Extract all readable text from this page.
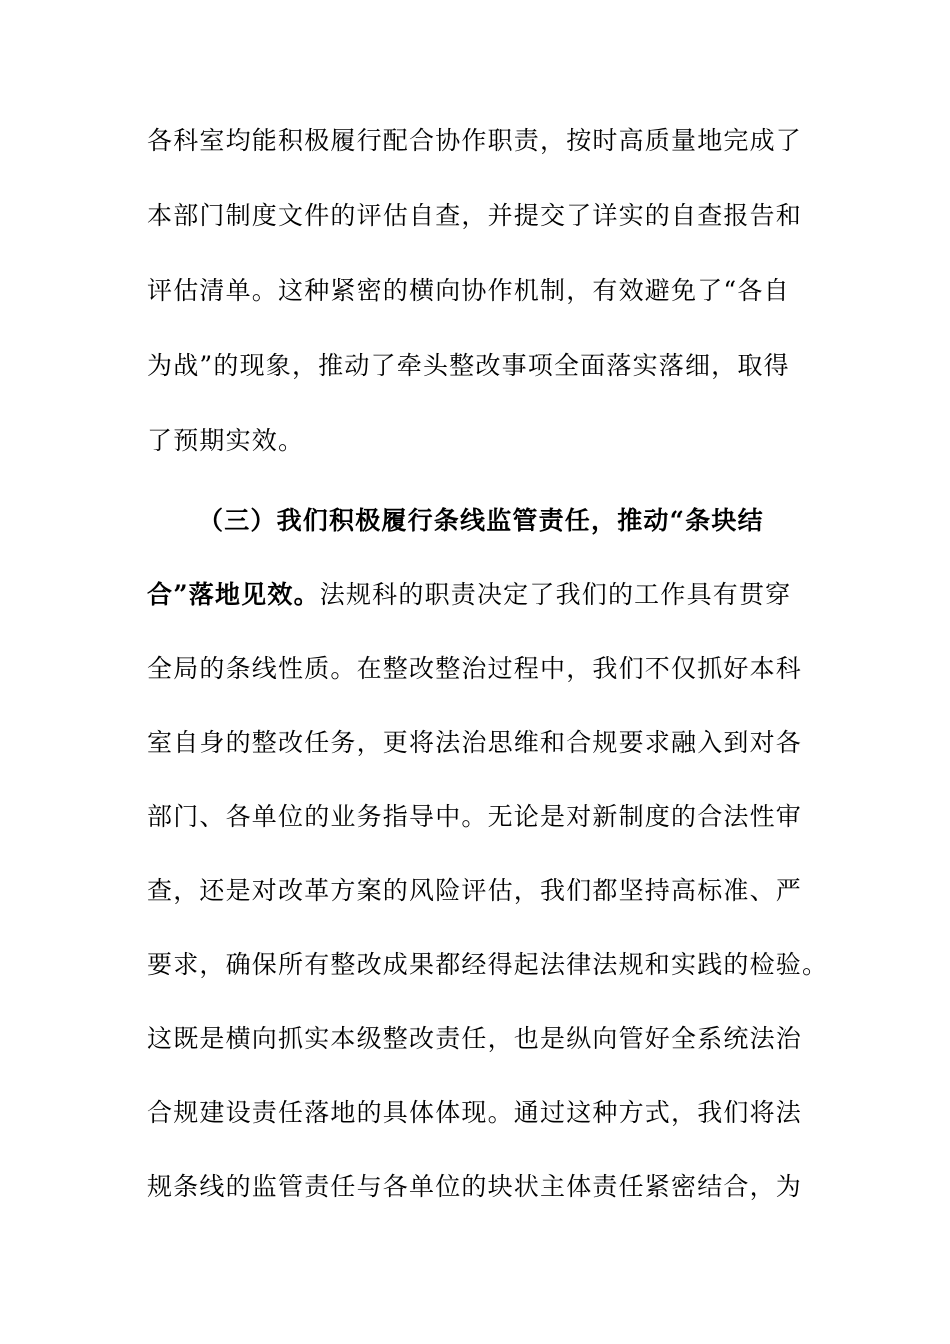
各科室均能积极履行配合协作职责，按时高质量地完成了
本部门制度文件的评估自查，并提交了详实的自查报告和
评估清单。这种紧密的横向协作机制，有效避免了“各自
为战”的现象，推动了牵头整改事项全面落实落细，取得
了预期实效。
（三）我们积极履行条线监管责任，推动“条块结
合”落地见效。法规科的职责决定了我们的工作具有贯穿
全局的条线性质。在整改整治过程中，我们不仅抓好本科
室自身的整改任务，更将法治思维和合规要求融入到对各
部门、各单位的业务指导中。无论是对新制度的合法性审
查，还是对改革方案的风险评估，我们都坚持高标准、严
要求，确保所有整改成果都经得起法律法规和实践的检验。
这既是横向抓实本级整改责任，也是纵向管好全系统法治
合规建设责任落地的具体体现。通过这种方式，我们将法
规条线的监管责任与各单位的块状主体责任紧密结合，为
